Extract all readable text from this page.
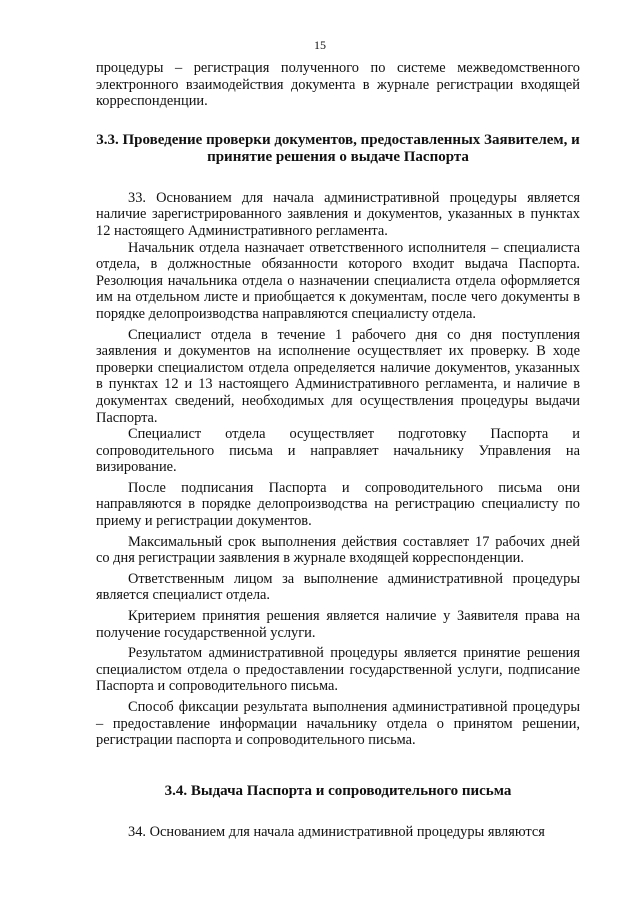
15

процедуры – регистрация полученного по системе межведомственного электронного взаимодействия документа в журнале регистрации входящей корреспонденции.

3.3. Проведение проверки документов, предоставленных Заявителем, и принятие решения о выдаче Паспорта

33. Основанием для начала административной процедуры является наличие зарегистрированного заявления и документов, указанных в пунктах 12 настоящего Административного регламента.

Начальник отдела назначает ответственного исполнителя – специалиста отдела, в должностные обязанности которого входит выдача Паспорта. Резолюция начальника отдела о назначении специалиста отдела оформляется им на отдельном листе и приобщается к документам, после чего документы в порядке делопроизводства направляются специалисту отдела.

Специалист отдела в течение 1 рабочего дня со дня поступления заявления и документов на исполнение осуществляет их проверку. В ходе проверки специалистом отдела определяется наличие документов, указанных в пунктах 12 и 13 настоящего Административного регламента, и наличие в документах сведений, необходимых для осуществления процедуры выдачи Паспорта.

Специалист отдела осуществляет подготовку Паспорта и сопроводительного письма и направляет начальнику Управления на визирование.

После подписания Паспорта и сопроводительного письма они направляются в порядке делопроизводства на регистрацию специалисту по приему и регистрации документов.

Максимальный срок выполнения действия составляет 17 рабочих дней со дня регистрации заявления в журнале входящей корреспонденции.

Ответственным лицом за выполнение административной процедуры является специалист отдела.

Критерием принятия решения является наличие у Заявителя права на получение государственной услуги.

Результатом административной процедуры является принятие решения специалистом отдела о предоставлении государственной услуги, подписание Паспорта и сопроводительного письма.

Способ фиксации результата выполнения административной процедуры – предоставление информации начальнику отдела о принятом решении, регистрации паспорта и сопроводительного письма.

3.4. Выдача Паспорта и сопроводительного письма

34. Основанием для начала административной процедуры являются
